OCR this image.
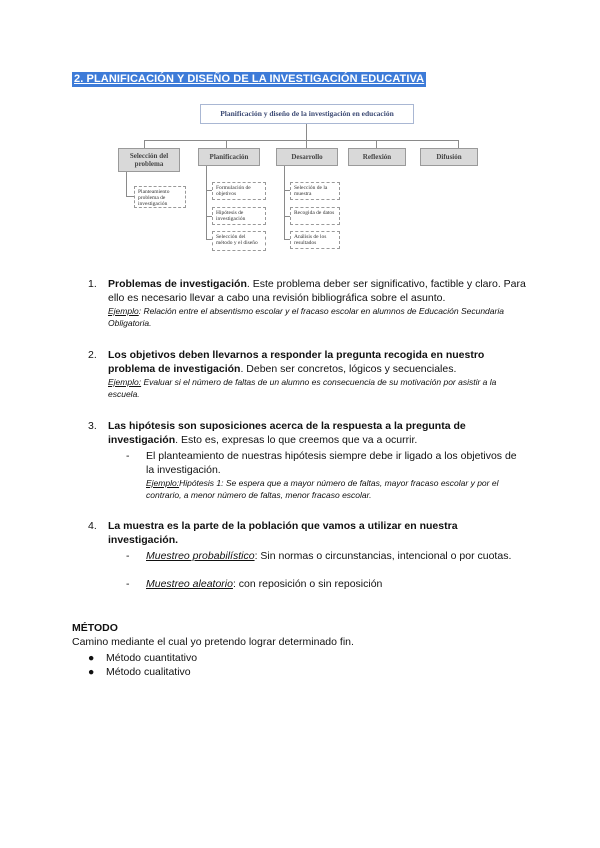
2. PLANIFICACIÓN Y DISEÑO DE LA INVESTIGACIÓN EDUCATIVA
Planificación y diseño de la investigación en educación
Selección del problema
Planificación	Desarrollo	Reflexión	Difusión
Planteamiento problema de investigación
Formulación de objetivos
Hipótesis de investigación
Selección del método y el diseño
Selección de la muestra
Recogida de datos
Análisis de los resultados
1.	Problemas de investigación. Este problema deber ser significativo, factible y claro. Para ello es necesario llevar a cabo una revisión bibliográfica sobre el asunto.
Ejemplo: Relación entre el absentismo escolar y el fracaso escolar en alumnos de Educación Secundaria Obligatoria.
2.	Los objetivos deben llevarnos a responder la pregunta recogida en nuestro problema de investigación. Deben ser concretos, lógicos y secuenciales.
Ejemplo: Evaluar si el número de faltas de un alumno es consecuencia de su motivación por asistir a la escuela.
3.	Las hipótesis son suposiciones acerca de la respuesta a la pregunta de investigación. Esto es, expresas lo que creemos que va a ocurrir.
-	El planteamiento de nuestras hipótesis siempre debe ir ligado a los objetivos de la investigación.
Ejemplo:Hipótesis 1: Se espera que a mayor número de faltas, mayor fracaso escolar y por el contrario, a menor número de faltas, menor fracaso escolar.
4.	La muestra es la parte de la población que vamos a utilizar en nuestra investigación.
-	Muestreo probabilístico: Sin normas o circunstancias, intencional o por cuotas.
-	Muestreo aleatorio: con reposición o sin reposición
MÉTODO
Camino mediante el cual yo pretendo lograr determinado fin.
● Método cuantitativo
● Método cualitativo
